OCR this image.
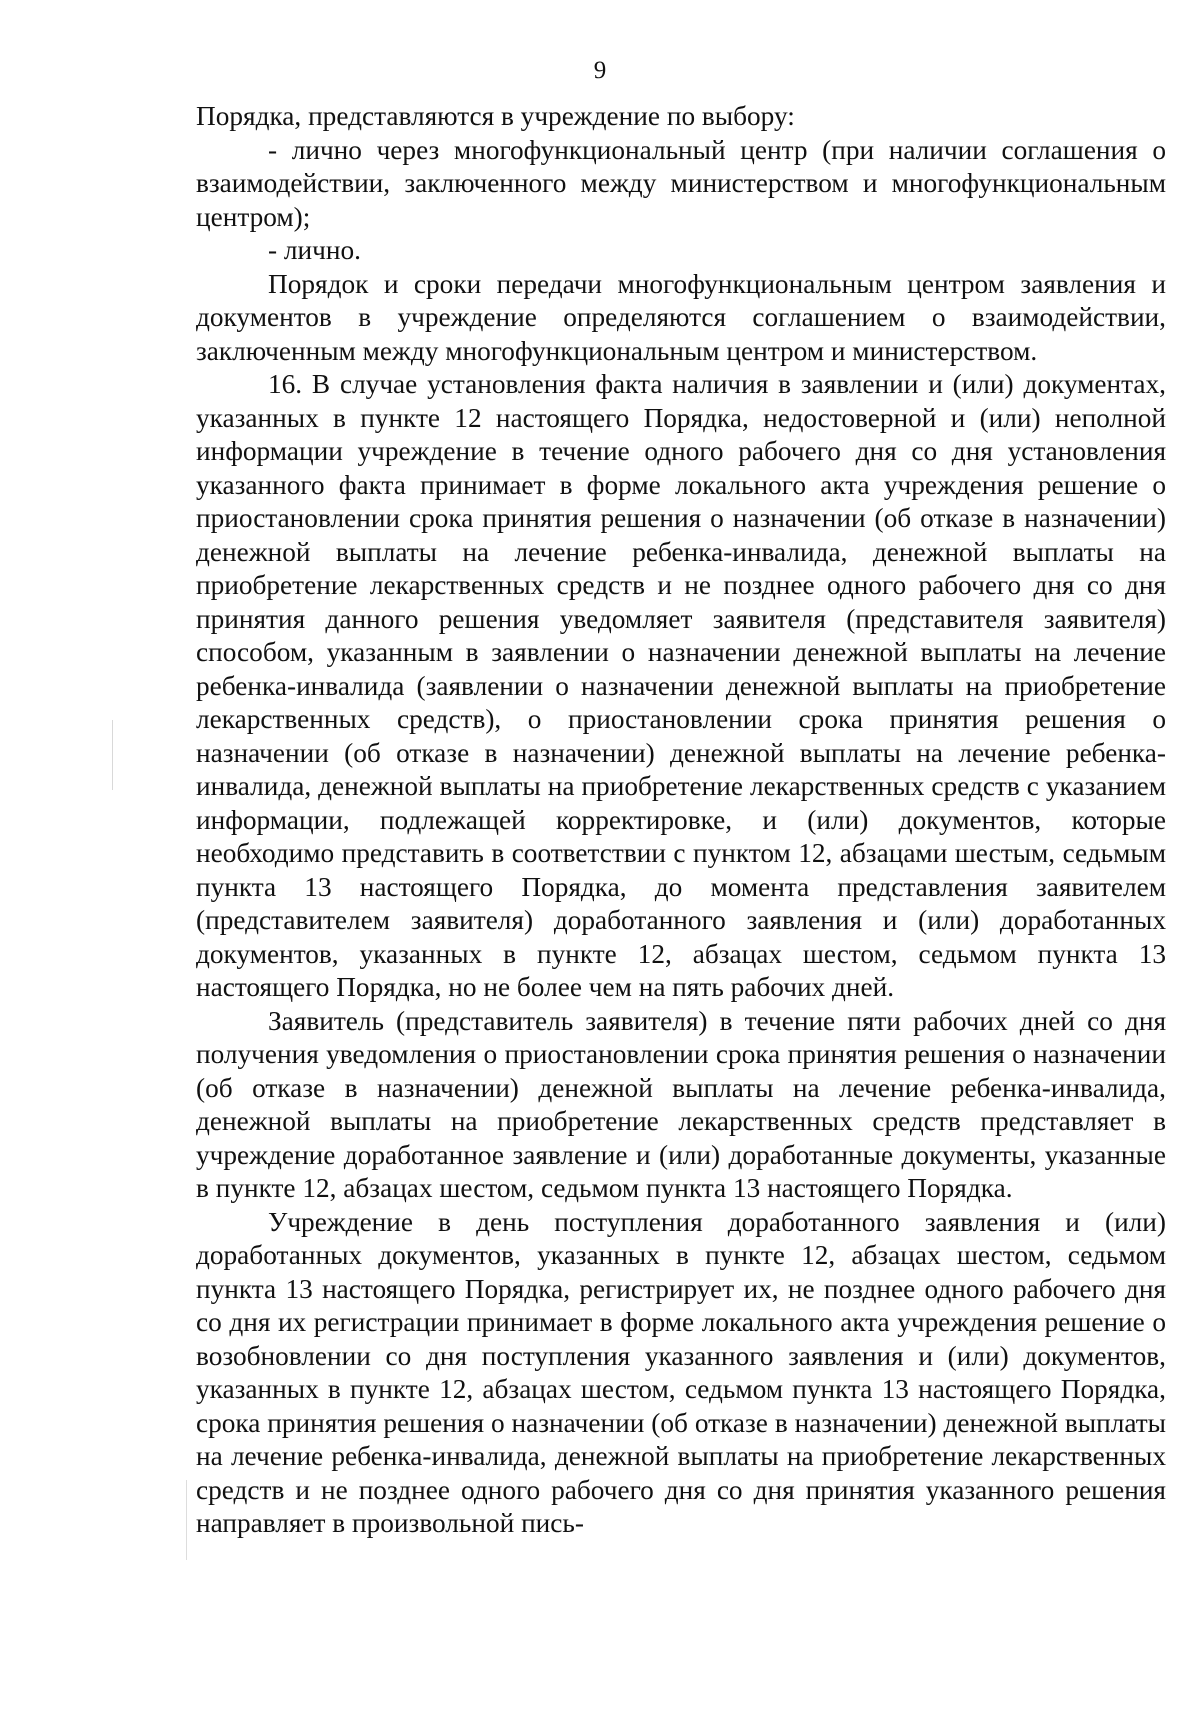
9

Порядка, представляются в учреждение по выбору:

- лично через многофункциональный центр (при наличии соглашения о взаимодействии, заключенного между министерством и многофункциональным центром);

- лично.

Порядок и сроки передачи многофункциональным центром заявления и документов в учреждение определяются соглашением о взаимодействии, заключенным между многофункциональным центром и министерством.

16. В случае установления факта наличия в заявлении и (или) документах, указанных в пункте 12 настоящего Порядка, недостоверной и (или) неполной информации учреждение в течение одного рабочего дня со дня установления указанного факта принимает в форме локального акта учреждения решение о приостановлении срока принятия решения о назначении (об отказе в назначении) денежной выплаты на лечение ребенка-инвалида, денежной выплаты на приобретение лекарственных средств и не позднее одного рабочего дня со дня принятия данного решения уведомляет заявителя (представителя заявителя) способом, указанным в заявлении о назначении денежной выплаты на лечение ребенка-инвалида (заявлении о назначении денежной выплаты на приобретение лекарственных средств), о приостановлении срока принятия решения о назначении (об отказе в назначении) денежной выплаты на лечение ребенка-инвалида, денежной выплаты на приобретение лекарственных средств с указанием информации, подлежащей корректировке, и (или) документов, которые необходимо представить в соответствии с пунктом 12, абзацами шестым, седьмым пункта 13 настоящего Порядка, до момента представления заявителем (представителем заявителя) доработанного заявления и (или) доработанных документов, указанных в пункте 12, абзацах шестом, седьмом пункта 13 настоящего Порядка, но не более чем на пять рабочих дней.

Заявитель (представитель заявителя) в течение пяти рабочих дней со дня получения уведомления о приостановлении срока принятия решения о назначении (об отказе в назначении) денежной выплаты на лечение ребенка-инвалида, денежной выплаты на приобретение лекарственных средств представляет в учреждение доработанное заявление и (или) доработанные документы, указанные в пункте 12, абзацах шестом, седьмом пункта 13 настоящего Порядка.

Учреждение в день поступления доработанного заявления и (или) доработанных документов, указанных в пункте 12, абзацах шестом, седьмом пункта 13 настоящего Порядка, регистрирует их, не позднее одного рабочего дня со дня их регистрации принимает в форме локального акта учреждения решение о возобновлении со дня поступления указанного заявления и (или) документов, указанных в пункте 12, абзацах шестом, седьмом пункта 13 настоящего Порядка, срока принятия решения о назначении (об отказе в назначении) денежной выплаты на лечение ребенка-инвалида, денежной выплаты на приобретение лекарственных средств и не позднее одного рабочего дня со дня принятия указанного решения направляет в произвольной пись-
